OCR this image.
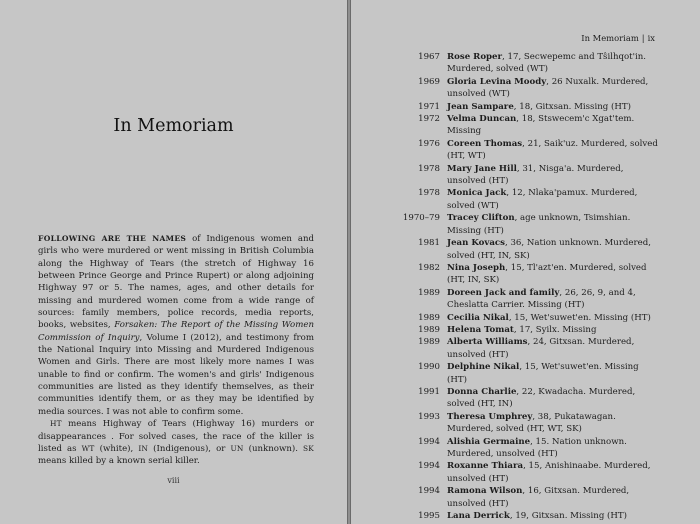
In Memoriam

FOLLOWING ARE THE NAMES of Indigenous women and girls who were murdered or went missing in British Columbia along the Highway of Tears (the stretch of Highway 16 between Prince George and Prince Rupert) or along adjoining Highway 97 or 5. The names, ages, and other details for missing and murdered women come from a wide range of sources: family members, police records, media reports, books, websites, Forsaken: The Report of the Missing Women Commission of Inquiry, Volume I (2012), and testimony from the National Inquiry into Missing and Murdered Indigenous Women and Girls. There are most likely more names I was unable to find or confirm. The women's and girls' Indigenous communities are listed as they identify themselves, as their communities identify them, or as they may be identified by media sources. I was not able to confirm some.

HT means Highway of Tears (Highway 16) murders or disappearances . For solved cases, the race of the killer is listed as WT (white), IN (Indigenous), or UN (unknown). SK means killed by a known serial killer.

viii
In Memoriam | ix
1967 Rose Roper, 17, Secwepemc and Tŝilhqot'in. Murdered, solved (WT)
1969 Gloria Levina Moody, 26 Nuxalk. Murdered, unsolved (WT)
1971 Jean Sampare, 18, Gitxsan. Missing (HT)
1972 Velma Duncan, 18, Stswecem'c Xgat'tem. Missing
1976 Coreen Thomas, 21, Saik'uz. Murdered, solved (HT, WT)
1978 Mary Jane Hill, 31, Nisga'a. Murdered, unsolved (HT)
1978 Monica Jack, 12, Nlaka'pamux. Murdered, solved (WT)
1970–79 Tracey Clifton, age unknown, Tsimshian. Missing (HT)
1981 Jean Kovacs, 36, Nation unknown. Murdered, solved (HT, IN, SK)
1982 Nina Joseph, 15, Tl'azt'en. Murdered, solved (HT, IN, SK)
1989 Doreen Jack and family, 26, 26, 9, and 4, Cheslatta Carrier. Missing (HT)
1989 Cecilia Nikal, 15, Wet'suwet'en. Missing (HT)
1989 Helena Tomat, 17, Syilx. Missing
1989 Alberta Williams, 24, Gitxsan. Murdered, unsolved (HT)
1990 Delphine Nikal, 15, Wet'suwet'en. Missing (HT)
1991 Donna Charlie, 22, Kwadacha. Murdered, solved (HT, IN)
1993 Theresa Umphrey, 38, Pukatawagan. Murdered, solved (HT, WT, SK)
1994 Alishia Germaine, 15. Nation unknown. Murdered, unsolved (HT)
1994 Roxanne Thiara, 15, Anishinaabe. Murdered, unsolved (HT)
1994 Ramona Wilson, 16, Gitxsan. Murdered, unsolved (HT)
1995 Lana Derrick, 19, Gitxsan. Missing (HT)
